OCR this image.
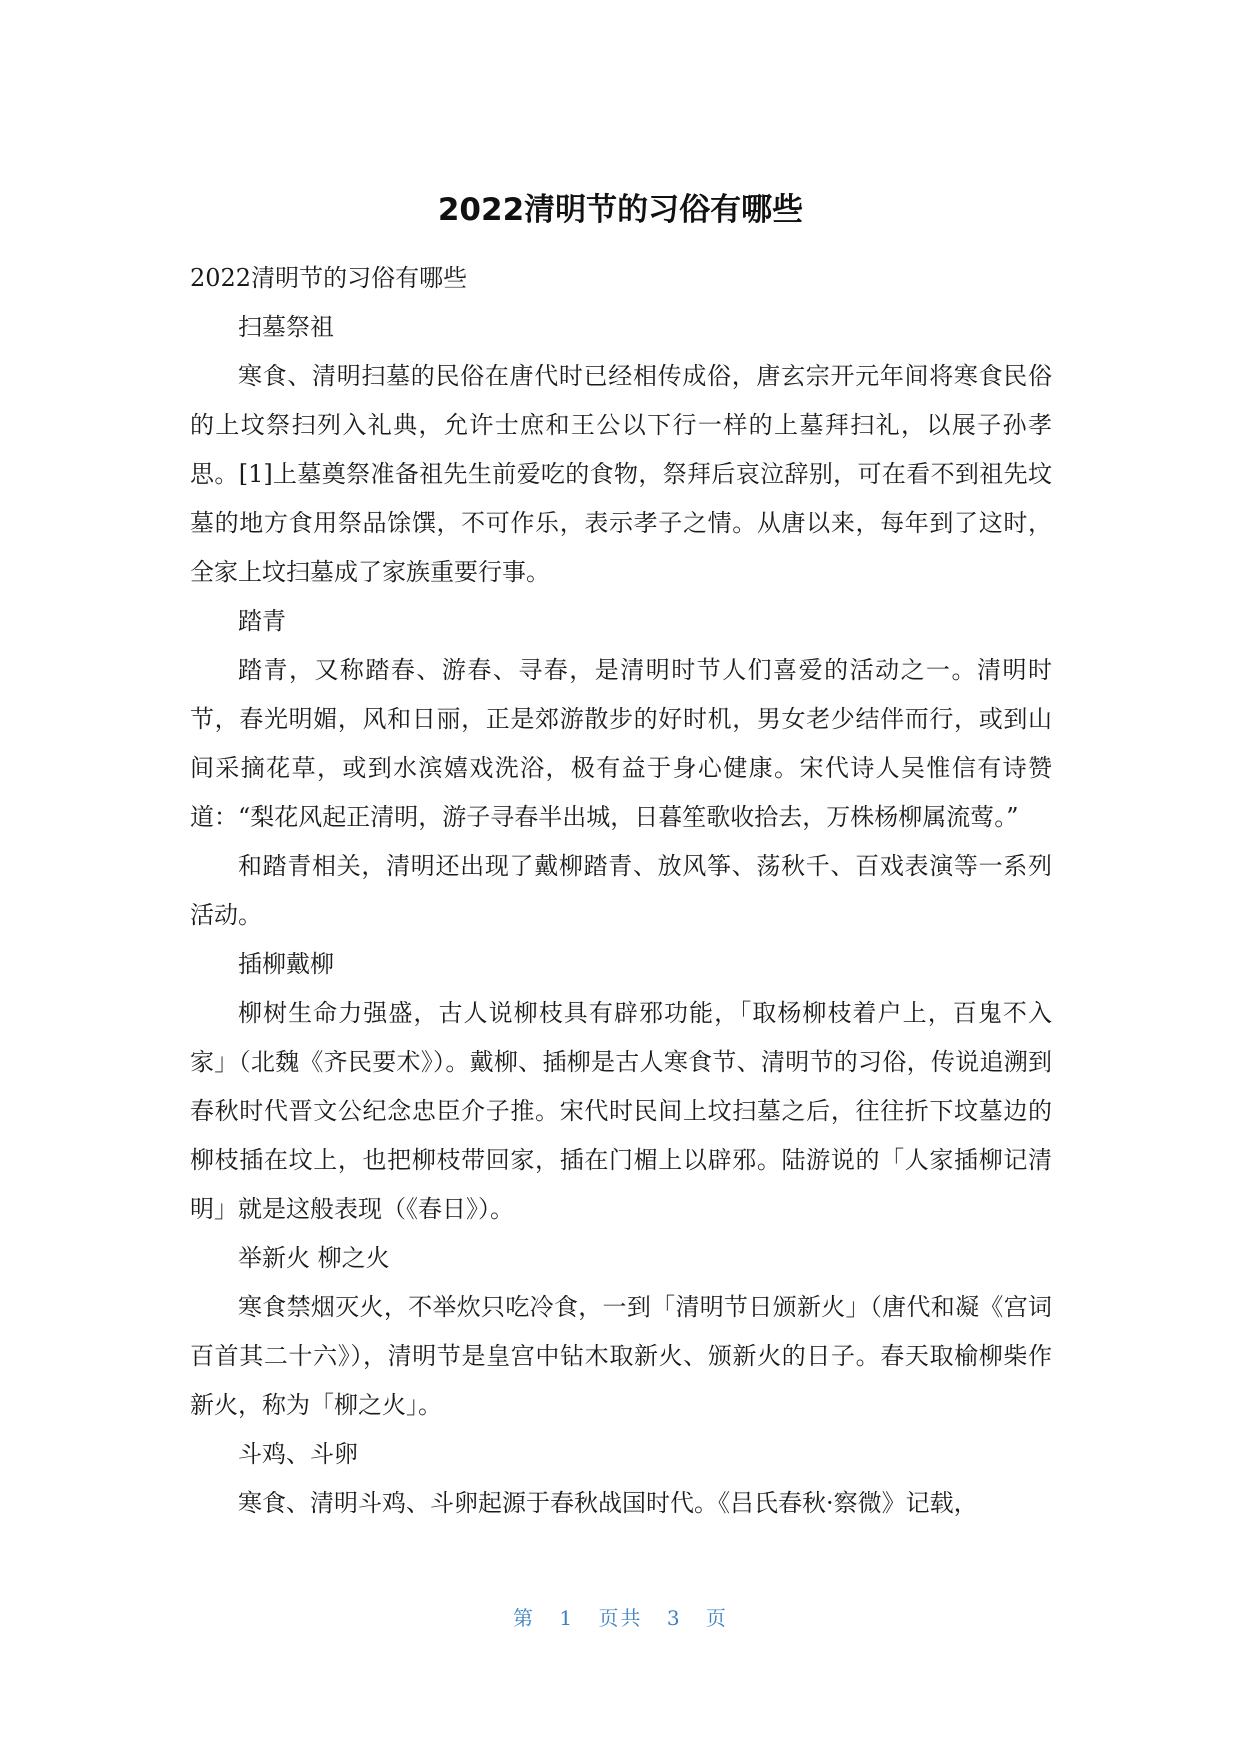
2022清明节的习俗有哪些

2022清明节的习俗有哪些

扫墓祭祖

寒食、清明扫墓的民俗在唐代时已经相传成俗，唐玄宗开元年间将寒食民俗的上坟祭扫列入礼典，允许士庶和王公以下行一样的上墓拜扫礼，以展子孙孝思。[1]上墓奠祭准备祖先生前爱吃的食物，祭拜后哀泣辞别，可在看不到祖先坟墓的地方食用祭品馀馔，不可作乐，表示孝子之情。从唐以来，每年到了这时，全家上坟扫墓成了家族重要行事。

踏青

踏青，又称踏春、游春、寻春，是清明时节人们喜爱的活动之一。清明时节，春光明媚，风和日丽，正是郊游散步的好时机，男女老少结伴而行，或到山间采摘花草，或到水滨嬉戏洗浴，极有益于身心健康。宋代诗人吴惟信有诗赞道：“梨花风起正清明，游子寻春半出城，日暮笙歌收拾去，万株杨柳属流莺。”

和踏青相关，清明还出现了戴柳踏青、放风筝、荡秋千、百戏表演等一系列活动。

插柳戴柳

柳树生命力强盛，古人说柳枝具有辟邪功能，「取杨柳枝着户上，百鬼不入家」（北魏《齐民要术》）。戴柳、插柳是古人寒食节、清明节的习俗，传说追溯到春秋时代晋文公纪念忠臣介子推。宋代时民间上坟扫墓之后，往往折下坟墓边的柳枝插在坟上，也把柳枝带回家，插在门楣上以辟邪。陆游说的「人家插柳记清明」就是这般表现（《春日》）。

举新火 柳之火

寒食禁烟灭火，不举炊只吃冷食，一到「清明节日颁新火」（唐代和凝《宫词百首其二十六》），清明节是皇宫中钻木取新火、颁新火的日子。春天取榆柳柴作新火，称为「柳之火」。

斗鸡、斗卵

寒食、清明斗鸡、斗卵起源于春秋战国时代。《吕氏春秋·察微》记载，

第 1 页共 3 页
